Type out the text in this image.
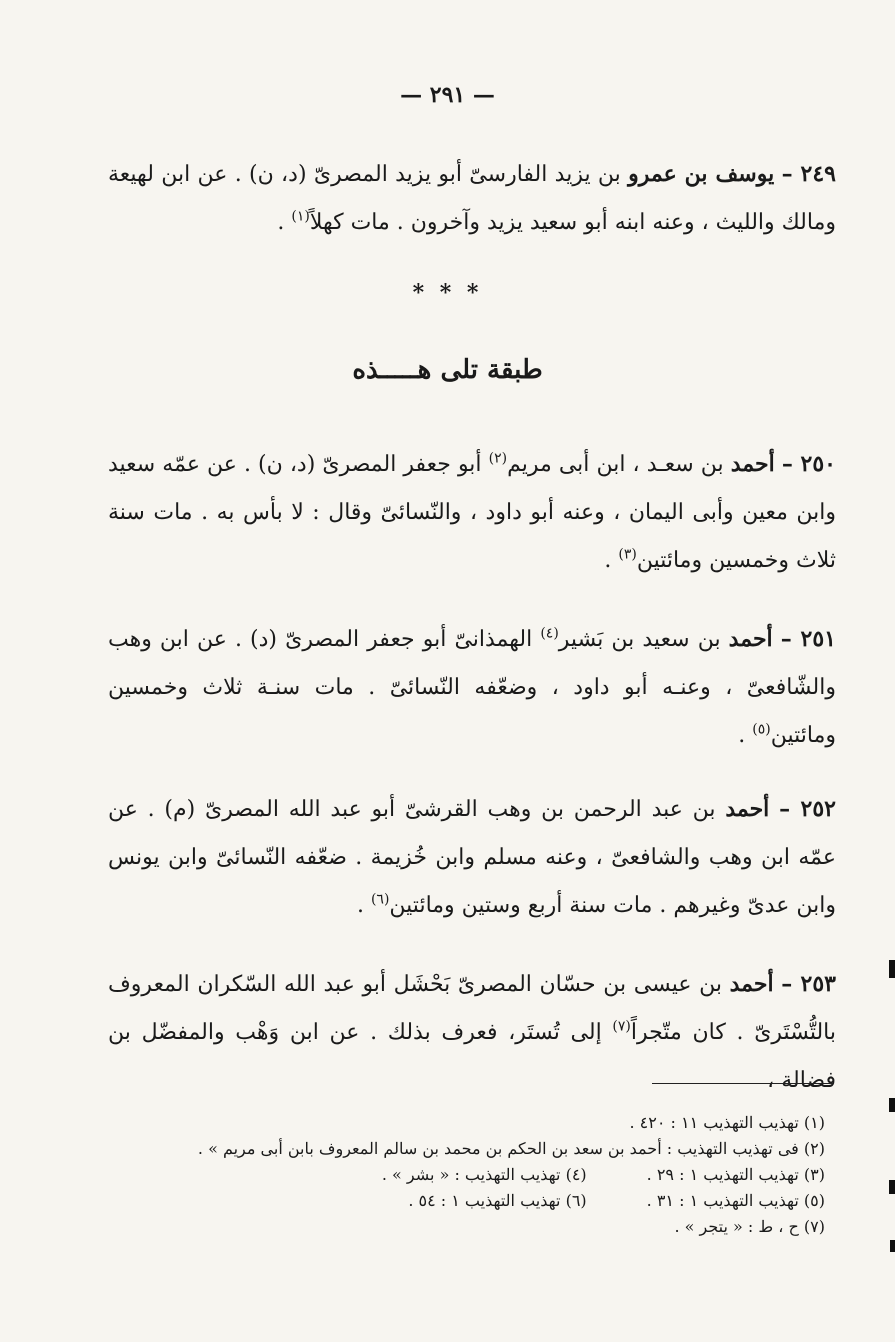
— ٢٩١ —
٢٤٩ – يوسف بن عمرو بن يزيد الفارسىّ أبو يزيد المصرىّ (د، ن) . عن ابن لهيعة ومالك والليث ، وعنه ابنه أبو سعيد يزيد وآخرون . مات كهلاً$^{(١)}$ .
* * *
طبقة تلى هـــــذه
٢٥٠ – أحمد بن سعـد ، ابن أبى مريم$^{(٢)}$ أبو جعفر المصرىّ (د، ن) . عن عمّه سعيد وابن معين وأبى اليمان ، وعنه أبو داود ، والنّسائىّ وقال : لا بأس به . مات سنة ثلاث وخمسين ومائتين$^{(٣)}$ .
٢٥١ – أحمد بن سعيد بن بَشير$^{(٤)}$ الهمذانىّ أبو جعفر المصرىّ (د) . عن ابن وهب والشّافعىّ ، وعنـه أبو داود ، وضعّفه النّسائىّ . مات سنـة ثلاث وخمسين ومائتين$^{(٥)}$ .
٢٥٢ – أحمد بن عبد الرحمن بن وهب القرشىّ أبو عبد الله المصرىّ (م) . عن عمّه ابن وهب والشافعىّ ، وعنه مسلم وابن خُزيمة . ضعّفه النّسائىّ وابن يونس وابن عدىّ وغيرهم . مات سنة أربع وستين ومائتين$^{(٦)}$ .
٢٥٣ – أحمد بن عيسى بن حسّان المصرىّ بَحْشَل أبو عبد الله السّكران المعروف بالتُّسْتَرىّ . كان متّجراً$^{(٧)}$ إلى تُستَر، فعرف بذلك . عن ابن وَهْب والمفضّل بن فضالة ،
(١) تهذيب التهذيب ١١ : ٤٢٠ .
(٢) فى تهذيب التهذيب : أحمد بن سعد بن الحكم بن محمد بن سالم المعروف بابن أبى مريم » .
(٣) تهذيب التهذيب ١ : ٢٩ .
(٤) تهذيب التهذيب : « بشر » .
(٥) تهذيب التهذيب ١ : ٣١ .
(٦) تهذيب التهذيب ١ : ٥٤ .
(٧) ح ، ط : « يتجر » .
